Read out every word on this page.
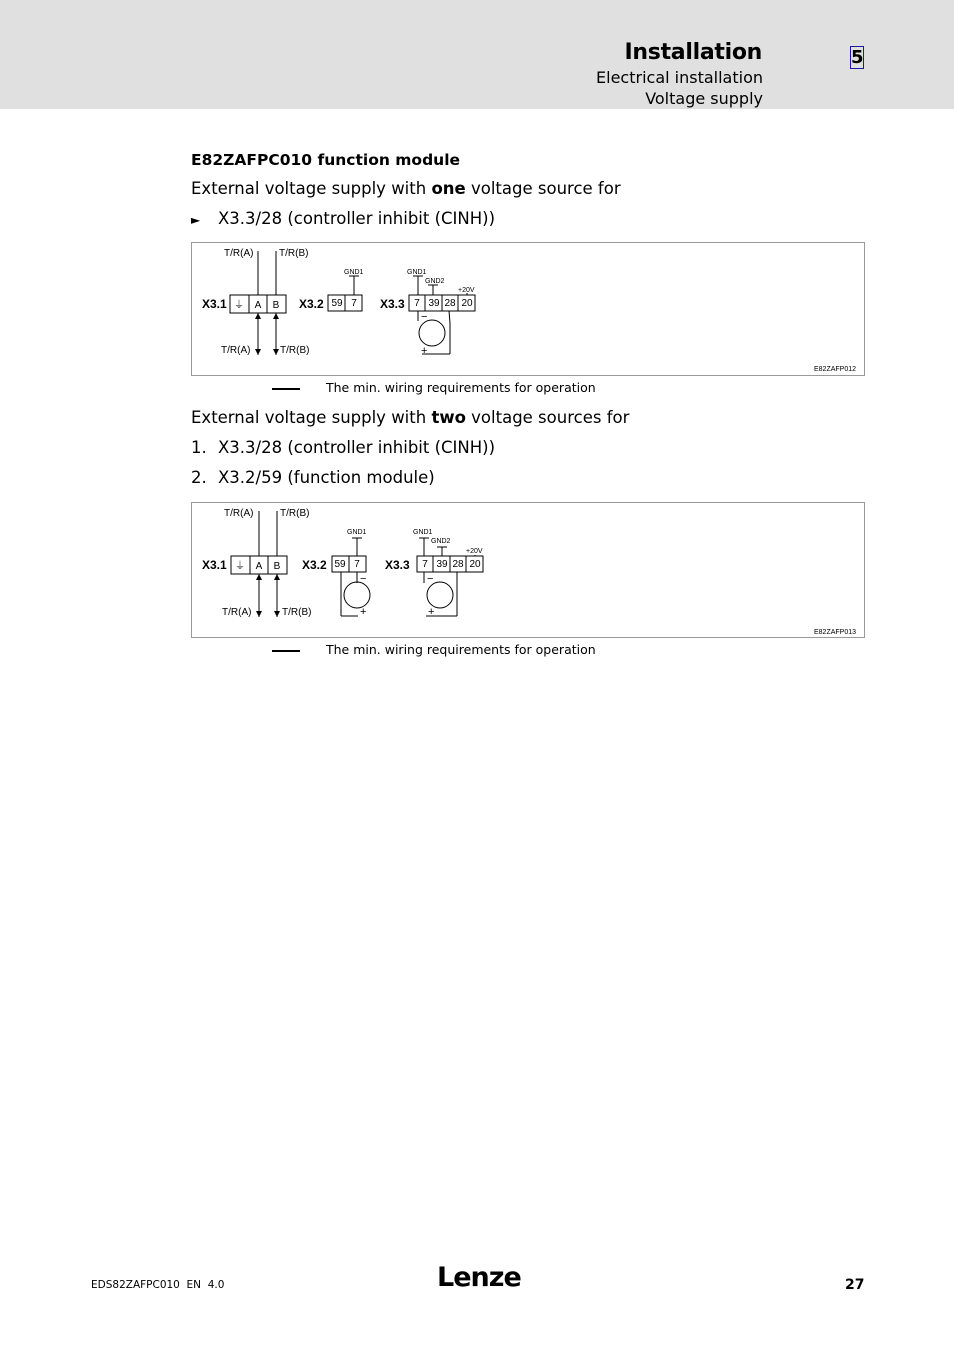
Installation
Electrical installation
Voltage supply
5
E82ZAFPC010 function module
External voltage supply with one voltage source for
► X3.3/28 (controller inhibit (CINH))
T/R(A)	T/R(B)
T/R(A)	T/R(B)
X3.1	X3.2	X3.3
⏚ A B	59 7	7 39 28 20
GND1	GND1
GND2
+20V
−
+
E82ZAFP012
The min. wiring requirements for operation
External voltage supply with two voltage sources for
1. X3.3/28 (controller inhibit (CINH))
2. X3.2/59 (function module)
T/R(A)	T/R(B)
T/R(A)	T/R(B)
X3.1	X3.2	X3.3
⏚ A B	59 7	7 39 28 20
GND1	GND1
GND2
+20V
−
+
−
+
E82ZAFP013
The min. wiring requirements for operation
EDS82ZAFPC010  EN  4.0	Lenze	27
